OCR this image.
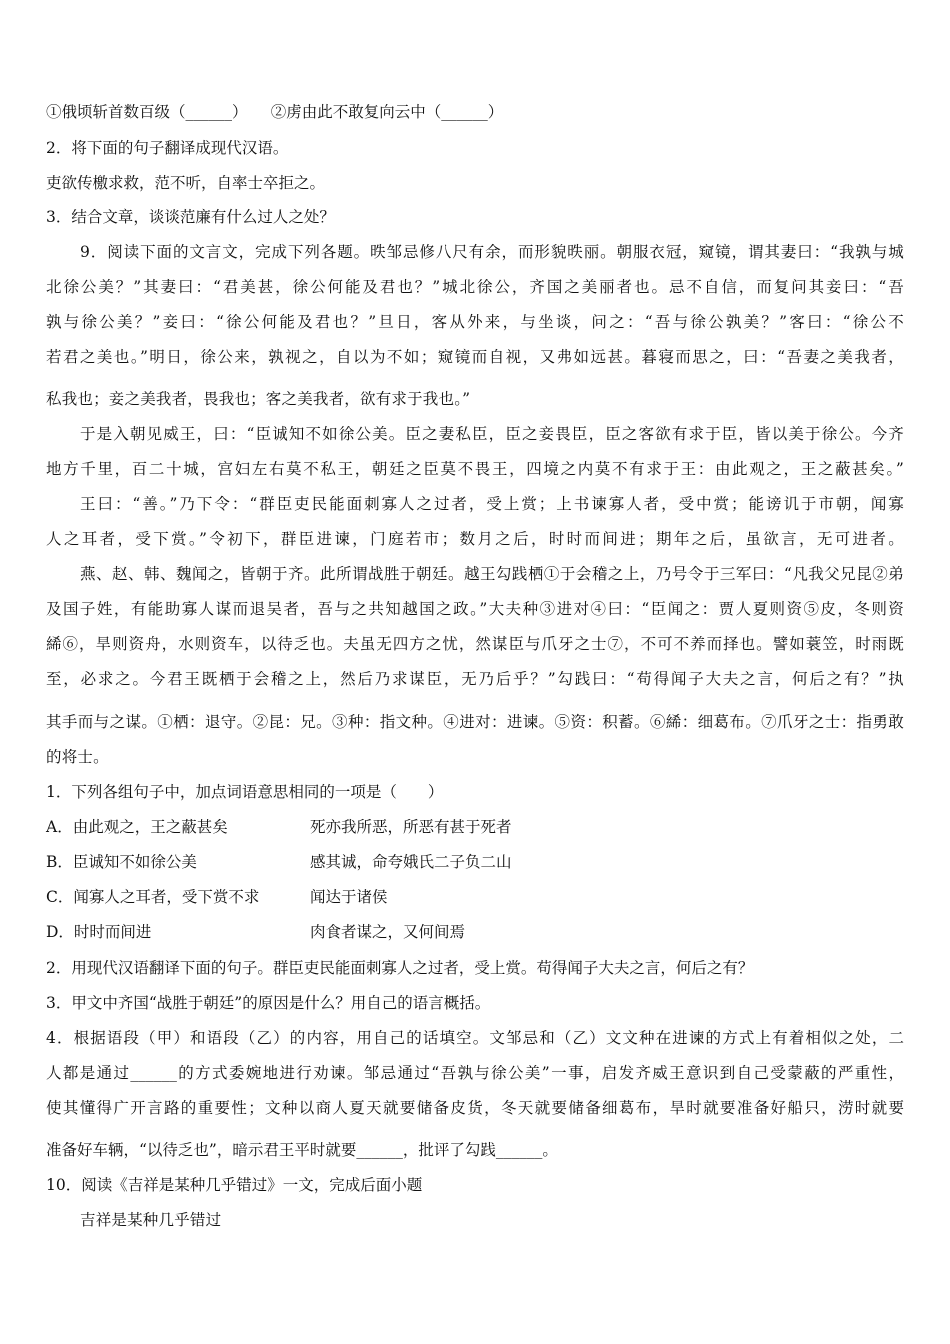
①俄顷斩首数百级（______）　　②虏由此不敢复向云中（______）
2．将下面的句子翻译成现代汉语。
吏欲传檄求救，范不听，自率士卒拒之。
3．结合文章，谈谈范廉有什么过人之处？
9．阅读下面的文言文，完成下列各题。昳邹忌修八尺有余，而形貌昳丽。朝服衣冠，窥镜，谓其妻曰：“我孰与城
北徐公美？”其妻曰：“君美甚，徐公何能及君也？”城北徐公，齐国之美丽者也。忌不自信，而复问其妾曰：“吾
孰与徐公美？”妾曰：“徐公何能及君也？”旦日，客从外来，与坐谈，问之：“吾与徐公孰美？”客曰：“徐公不
若君之美也。”明日，徐公来，孰视之，自以为不如；窥镜而自视，又弗如远甚。暮寝而思之，曰：“吾妻之美我者，
私我也；妾之美我者，畏我也；客之美我者，欲有求于我也。”
于是入朝见威王，曰：“臣诚知不如徐公美。臣之妻私臣，臣之妾畏臣，臣之客欲有求于臣，皆以美于徐公。今齐
地方千里，百二十城，宫妇左右莫不私王，朝廷之臣莫不畏王，四境之内莫不有求于王：由此观之，王之蔽甚矣。”
王曰：“善。”乃下令：“群臣吏民能面刺寡人之过者，受上赏；上书谏寡人者，受中赏；能谤讥于市朝，闻寡
人之耳者，受下赏。”令初下，群臣进谏，门庭若市；数月之后，时时而间进；期年之后，虽欲言，无可进者。
燕、赵、韩、魏闻之，皆朝于齐。此所谓战胜于朝廷。越王勾践栖①于会稽之上，乃号令于三军曰：“凡我父兄昆②弟
及国子姓，有能助寡人谋而退吴者，吾与之共知越国之政。”大夫种③进对④曰：“臣闻之：贾人夏则资⑤皮，冬则资
絺⑥，旱则资舟，水则资车，以待乏也。夫虽无四方之忧，然谋臣与爪牙之士⑦，不可不养而择也。譬如蓑笠，时雨既
至，必求之。今君王既栖于会稽之上，然后乃求谋臣，无乃后乎？”勾践曰：“苟得闻子大夫之言，何后之有？”执
其手而与之谋。①栖：退守。②昆：兄。③种：指文种。④进对：进谏。⑤资：积蓄。⑥絺：细葛布。⑦爪牙之士：指勇敢
的将士。
1．下列各组句子中，加点词语意思相同的一项是（　　）
A．由此观之，王之蔽甚矣	死亦我所恶，所恶有甚于死者
B．臣诚知不如徐公美	感其诚，命夸娥氏二子负二山
C．闻寡人之耳者，受下赏不求	闻达于诸侯
D．时时而间进	肉食者谋之，又何间焉
2．用现代汉语翻译下面的句子。群臣吏民能面刺寡人之过者，受上赏。苟得闻子大夫之言，何后之有？
3．甲文中齐国“战胜于朝廷”的原因是什么？用自己的语言概括。
4．根据语段（甲）和语段（乙）的内容，用自己的话填空。文邹忌和（乙）文文种在进谏的方式上有着相似之处，二
人都是通过______的方式委婉地进行劝谏。邹忌通过“吾孰与徐公美”一事，启发齐威王意识到自己受蒙蔽的严重性，
使其懂得广开言路的重要性；文种以商人夏天就要储备皮货，冬天就要储备细葛布，旱时就要准备好船只，涝时就要
准备好车辆，“以待乏也”，暗示君王平时就要______，批评了勾践______。
10．阅读《吉祥是某种几乎错过》一文，完成后面小题
吉祥是某种几乎错过
